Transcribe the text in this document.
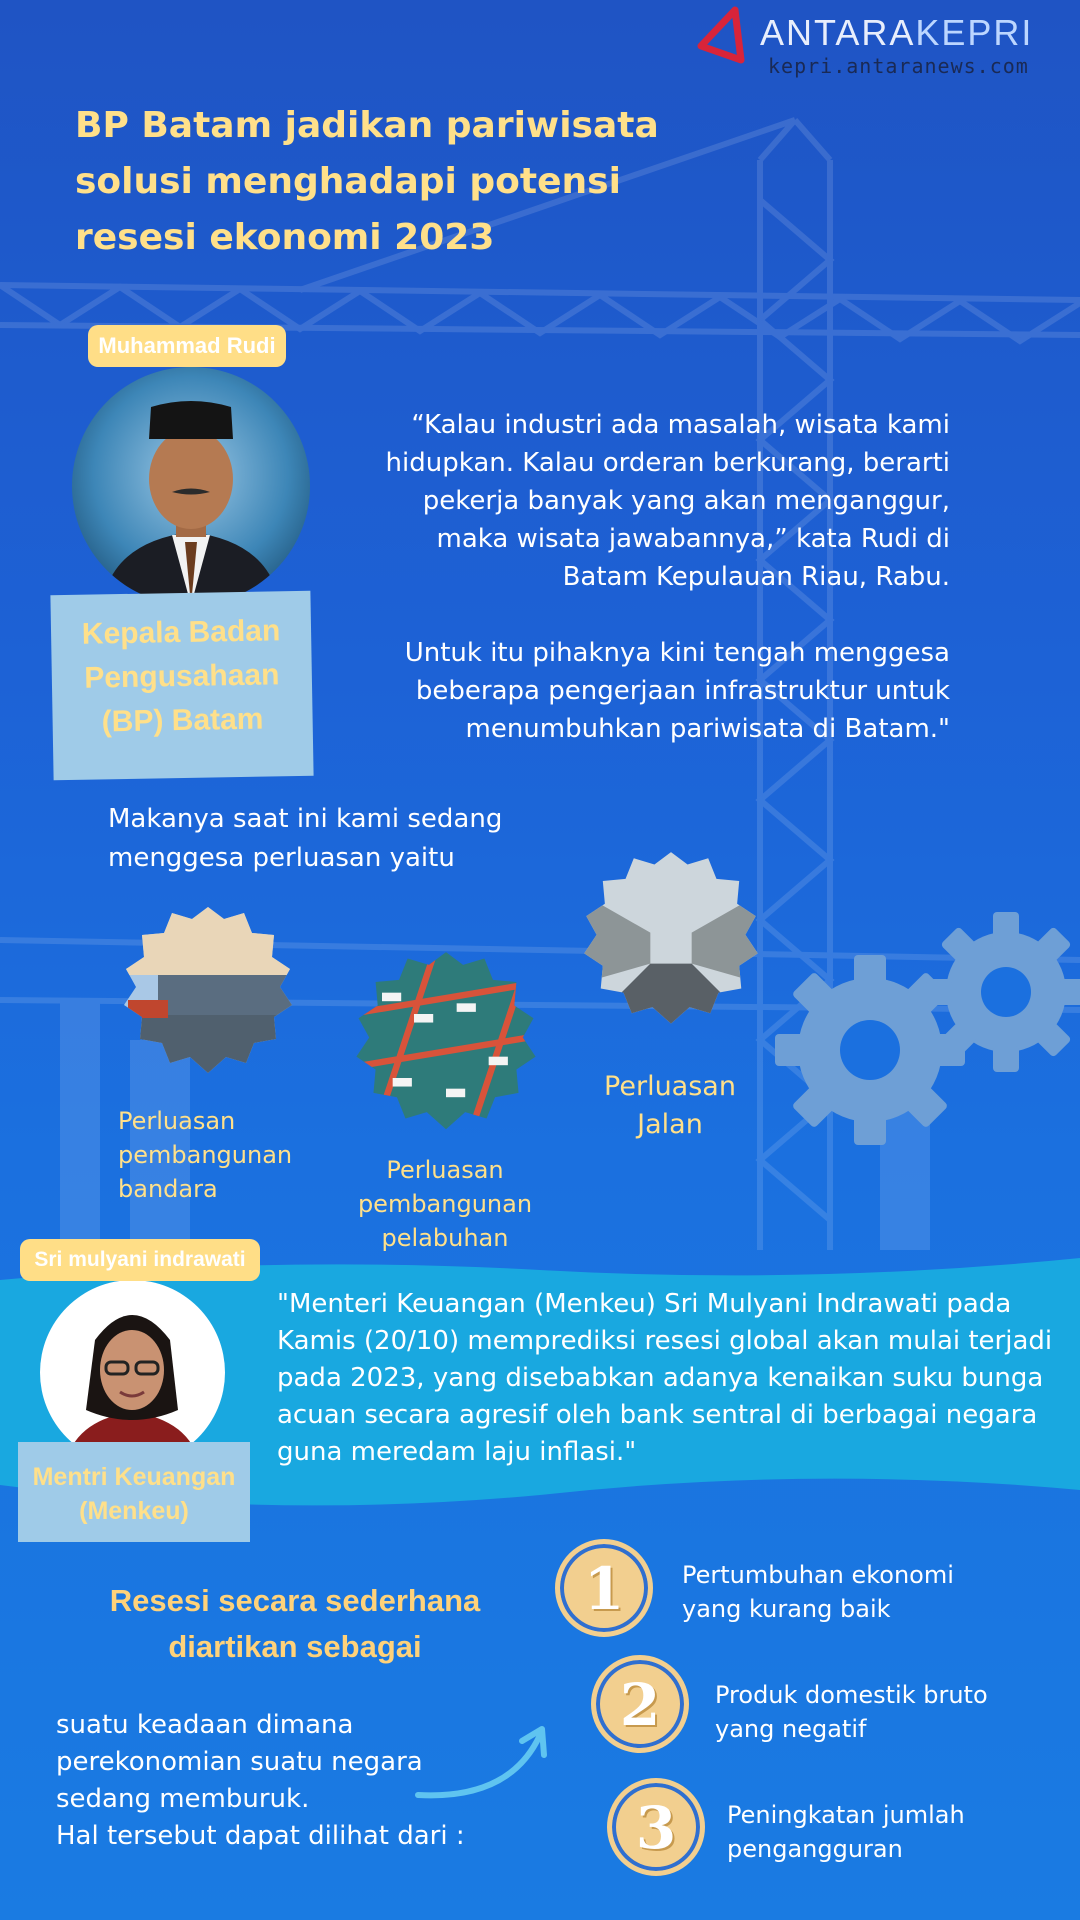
ANTARAKEPRI
kepri.antaranews.com
BP Batam jadikan pariwisata
solusi menghadapi potensi
resesi ekonomi 2023
Muhammad Rudi
Kepala Badan
Pengusahaan
(BP) Batam

“Kalau industri ada masalah, wisata kami hidupkan. Kalau orderan berkurang, berarti pekerja banyak yang akan menganggur, maka wisata jawabannya,” kata Rudi di Batam Kepulauan Riau, Rabu.

Untuk itu pihaknya kini tengah menggesa beberapa pengerjaan infrastruktur untuk menumbuhkan pariwisata di Batam."

Makanya saat ini kami sedang
menggesa perluasan yaitu
Perluasan
pembangunan
bandara
Perluasan
pembangunan
pelabuhan
Perluasan
Jalan
Sri mulyani indrawati
Mentri Keuangan
(Menkeu)
"Menteri Keuangan (Menkeu) Sri Mulyani Indrawati pada Kamis (20/10) memprediksi resesi global akan mulai terjadi pada 2023, yang disebabkan adanya kenaikan suku bunga acuan secara agresif oleh bank sentral di berbagai negara guna meredam laju inflasi."
Resesi secara sederhana
diartikan sebagai
suatu keadaan dimana
perekonomian suatu negara
sedang memburuk.
Hal tersebut dapat dilihat dari :
1
2
3
Pertumbuhan ekonomi
yang kurang baik
Produk domestik bruto
yang negatif
Peningkatan jumlah
pengangguran
